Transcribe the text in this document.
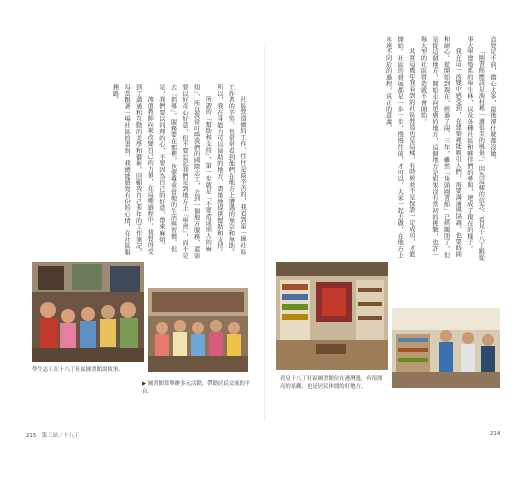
社區營造做的工作，往往是最辛苦的，我看到第一線社區工作者的辛勞，也常常看到他們在地方上遭遇的無奈和無助。所以，我在身能力可以協助的地方，盡量地提供幫助和支持。

所謂的「幫助和支持」，第一步就是「不要造成別人的麻煩」，所以我常叮嚀我們的國際志工，去到一個地方服務，還需要以好奇心好意，但不要忘記我們是到地方上『學習』，而不是去『指導』。服務要在那裡，也要尊重當地的生活與習慣。但是，我們要以同理的心，不要因為自己的好意，帶來麻煩。

流浪教師向來改變自己的力量，在這種過程中，我覺得受到了溝通和互動的美學和藝術。回顧我自己多年的工作筆記，每當跟著一場社區的書寫，我總能感覺有份的心情，在社區服務路。

學生志工在十八丁社區圖書館說故事。
▶ 圖書館常舉辦多元活動，帶動居民交流的平台。

直覺足不前，擔心太多，最後卻什麼都沒做。

「圖書館應該是漁村裡一道很美的風景。」因為這樣的信念，看見十八丁跟從事大學建築系的學生林，以及各種社區和夥伴們的參與，建成了現在的樣子。

我在這一改變中感受到，在建築裡能吸引人們，需要溝通與協調，也要時間和耐心。從開始到現在，經過了兩、三年，雖然「角頭圖書館」已經關閉了，但是從這個地方，開始走向更廣的地方，這個地方是如果沒有當初的挑戰，也許一場大型的社區營造就不會開始。

其實這幾年我看到的社區營造也是這樣，有時候並不是保證一定成功，才能開始。社區的發展都是一步一步，慢慢往前，才可以，大家一起去做，在地方上永遠不同於的過程，真正的意義。

看見十八丁社區圖書館位在港灣邊，有很漂亮的景觀，也是居民休閒的好地方。
215　第三站／十八丁	214
